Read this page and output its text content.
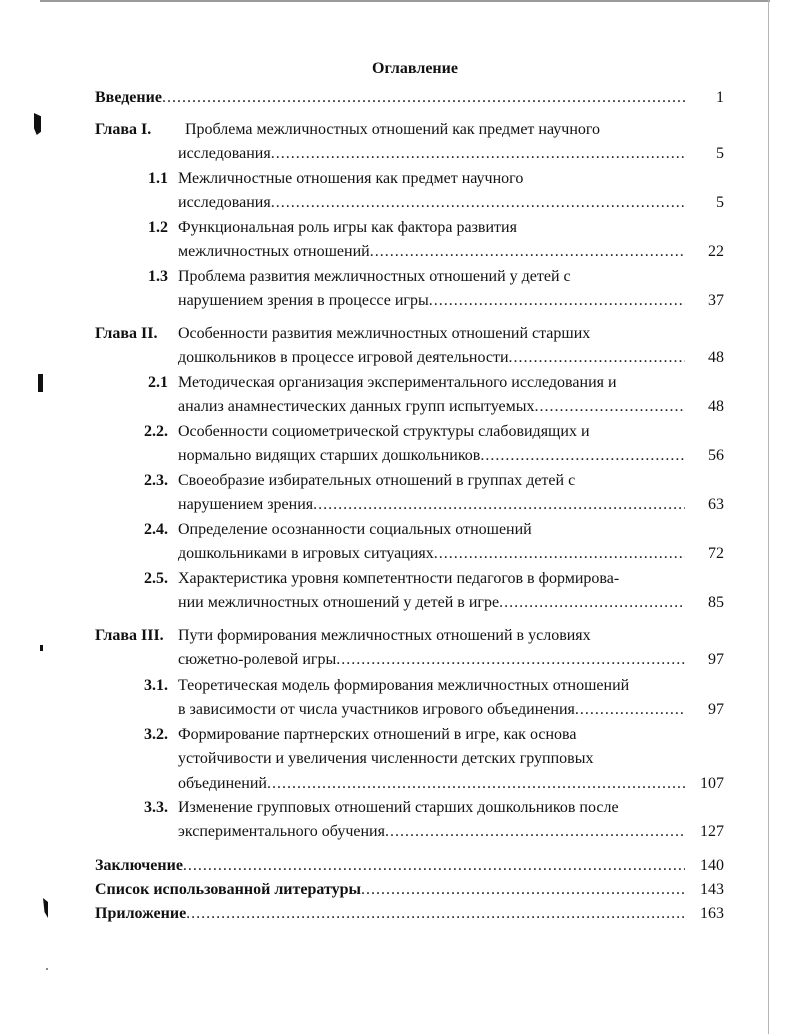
Оглавление
Введение .....	1
Глава I. Проблема межличностных отношений как предмет научного
исследования .....	5
1.1 Межличностные отношения как предмет научного
исследования .....	5
1.2 Функциональная роль игры как фактора развития
межличностных отношений .....	22
1.3 Проблема развития межличностных отношений у детей с
нарушением зрения в процессе игры .....	37
Глава II. Особенности развития межличностных отношений старших
дошкольников в процессе игровой деятельности .....	48
2.1 Методическая организация экспериментального исследования и
анализ анамнестических данных групп испытуемых .....	48
2.2. Особенности социометрической структуры слабовидящих и
нормально видящих старших дошкольников .....	56
2.3. Своеобразие избирательных отношений в группах детей с
нарушением зрения .....	63
2.4. Определение осознанности социальных отношений
дошкольниками в игровых ситуациях .....	72
2.5. Характеристика уровня компетентности педагогов в формирова-
нии межличностных отношений у детей в игре .....	85
Глава III. Пути формирования межличностных отношений в условиях
сюжетно-ролевой игры .....	97
3.1. Теоретическая модель формирования межличностных отношений
в зависимости от числа участников игрового объединения .....	97
3.2. Формирование партнерских отношений в игре, как основа
устойчивости и увеличения численности детских групповых
объединений .....	107
3.3. Изменение групповых отношений старших дошкольников после
экспериментального обучения .....	127
Заключение .....	140
Список использованной литературы .....	143
Приложение .....	163
